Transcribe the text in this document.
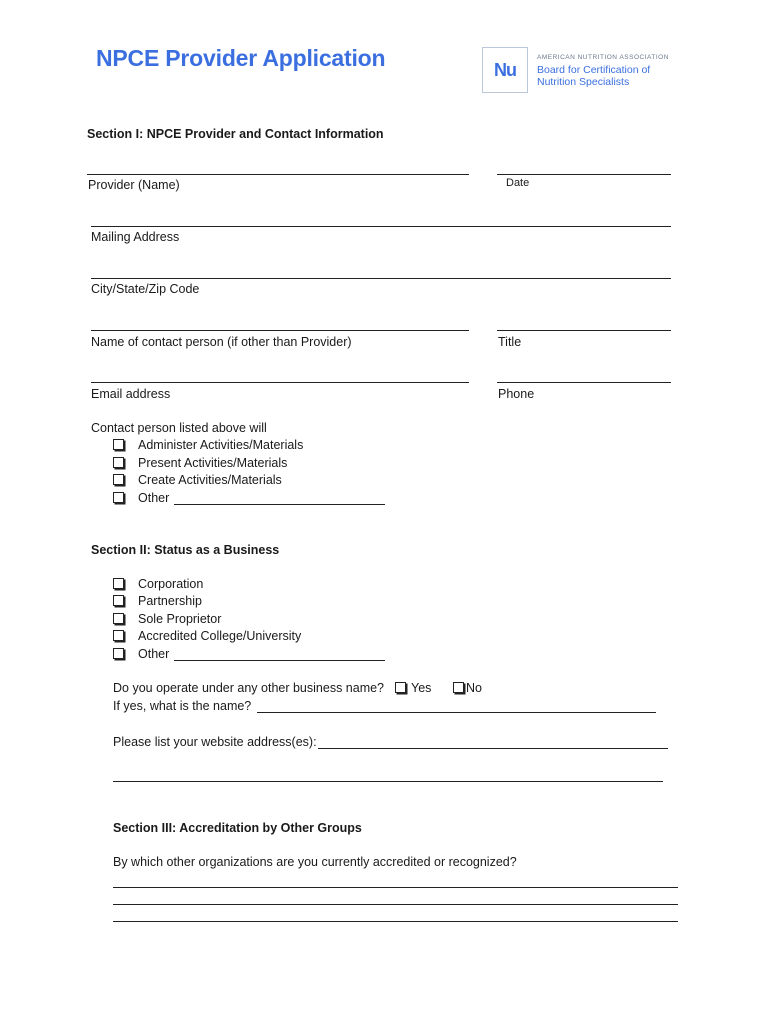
NPCE Provider Application	Nu
AMERICAN NUTRITION ASSOCIATION
Board for Certification of
Nutrition Specialists
Section I: NPCE Provider and Contact Information
Provider (Name)	Date
Mailing Address
City/State/Zip Code
Name of contact person (if other than Provider)	Title
Email address	Phone
Contact person listed above will
Administer Activities/Materials
Present Activities/Materials
Create Activities/Materials
Other
Section II: Status as a Business
Corporation
Partnership
Sole Proprietor
Accredited College/University
Other
Do you operate under any other business name?	Yes	No
If yes, what is the name?
Please list your website address(es):
Section III: Accreditation by Other Groups
By which other organizations are you currently accredited or recognized?
